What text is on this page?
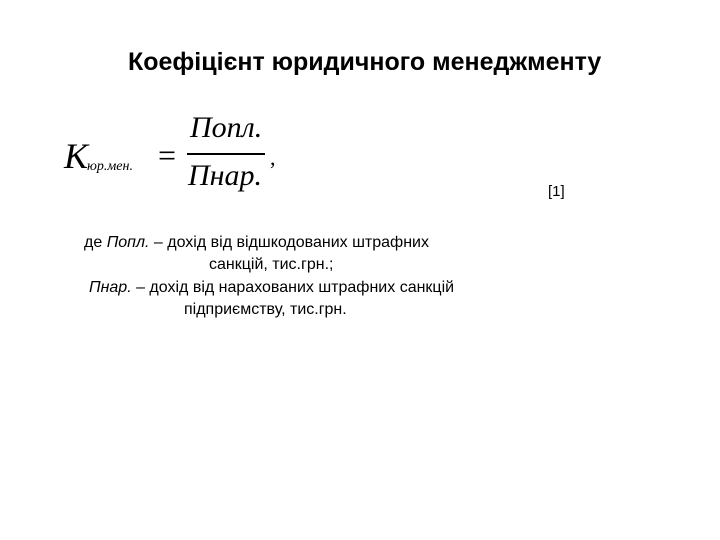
Коефіцієнт юридичного менеджменту
K
юр.мен. =
Попл.
Пнар.
,
[1]
де Попл. – дохід від відшкодованих штрафних
санкцій, тис.грн.;
Пнар. – дохід від нарахованих штрафних санкцій
підприємству, тис.грн.
